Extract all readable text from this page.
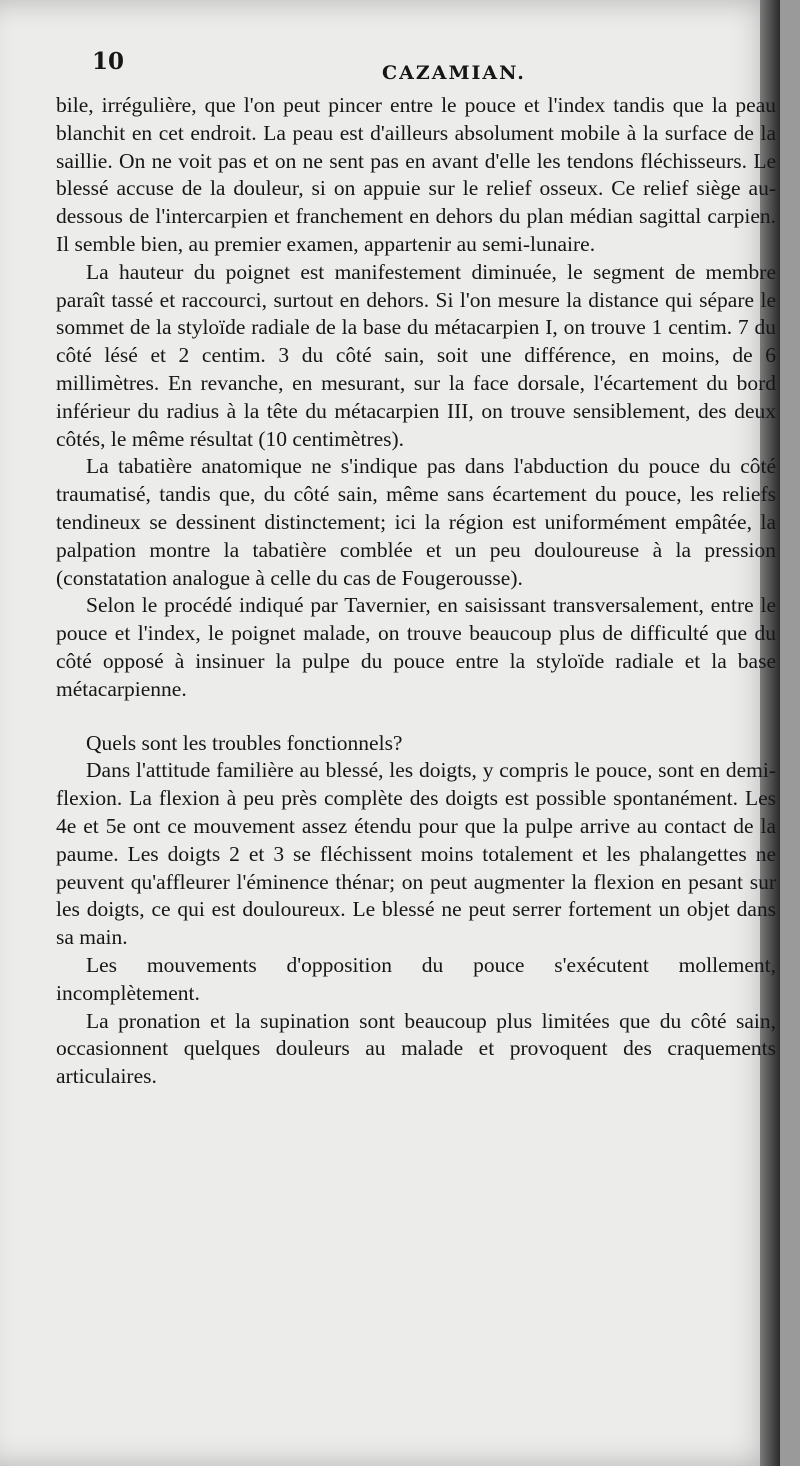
10	CAZAMIAN.

bile, irrégulière, que l'on peut pincer entre le pouce et l'index tandis que la peau blanchit en cet endroit. La peau est d'ailleurs absolument mobile à la surface de la saillie. On ne voit pas et on ne sent pas en avant d'elle les tendons fléchisseurs. Le blessé accuse de la douleur, si on appuie sur le relief osseux. Ce relief siège au-dessous de l'intercarpien et franchement en dehors du plan médian sagittal carpien. Il semble bien, au premier examen, appartenir au semi-lunaire.

La hauteur du poignet est manifestement diminuée, le segment de membre paraît tassé et raccourci, surtout en dehors. Si l'on mesure la distance qui sépare le sommet de la styloïde radiale de la base du métacarpien I, on trouve 1 centim. 7 du côté lésé et 2 centim. 3 du côté sain, soit une différence, en moins, de 6 millimètres. En revanche, en mesurant, sur la face dorsale, l'écartement du bord inférieur du radius à la tête du métacarpien III, on trouve sensiblement, des deux côtés, le même résultat (10 centimètres).

La tabatière anatomique ne s'indique pas dans l'abduction du pouce du côté traumatisé, tandis que, du côté sain, même sans écartement du pouce, les reliefs tendineux se dessinent distinctement; ici la région est uniformément empâtée, la palpation montre la tabatière comblée et un peu douloureuse à la pression (constatation analogue à celle du cas de Fougerousse).

Selon le procédé indiqué par Tavernier, en saisissant transversalement, entre le pouce et l'index, le poignet malade, on trouve beaucoup plus de difficulté que du côté opposé à insinuer la pulpe du pouce entre la styloïde radiale et la base métacarpienne.

Quels sont les troubles fonctionnels?

Dans l'attitude familière au blessé, les doigts, y compris le pouce, sont en demi-flexion. La flexion à peu près complète des doigts est possible spontanément. Les 4e et 5e ont ce mouvement assez étendu pour que la pulpe arrive au contact de la paume. Les doigts 2 et 3 se fléchissent moins totalement et les phalangettes ne peuvent qu'affleurer l'éminence thénar; on peut augmenter la flexion en pesant sur les doigts, ce qui est douloureux. Le blessé ne peut serrer fortement un objet dans sa main.

Les mouvements d'opposition du pouce s'exécutent mollement, incomplètement.

La pronation et la supination sont beaucoup plus limitées que du côté sain, occasionnent quelques douleurs au malade et provoquent des craquements articulaires.
